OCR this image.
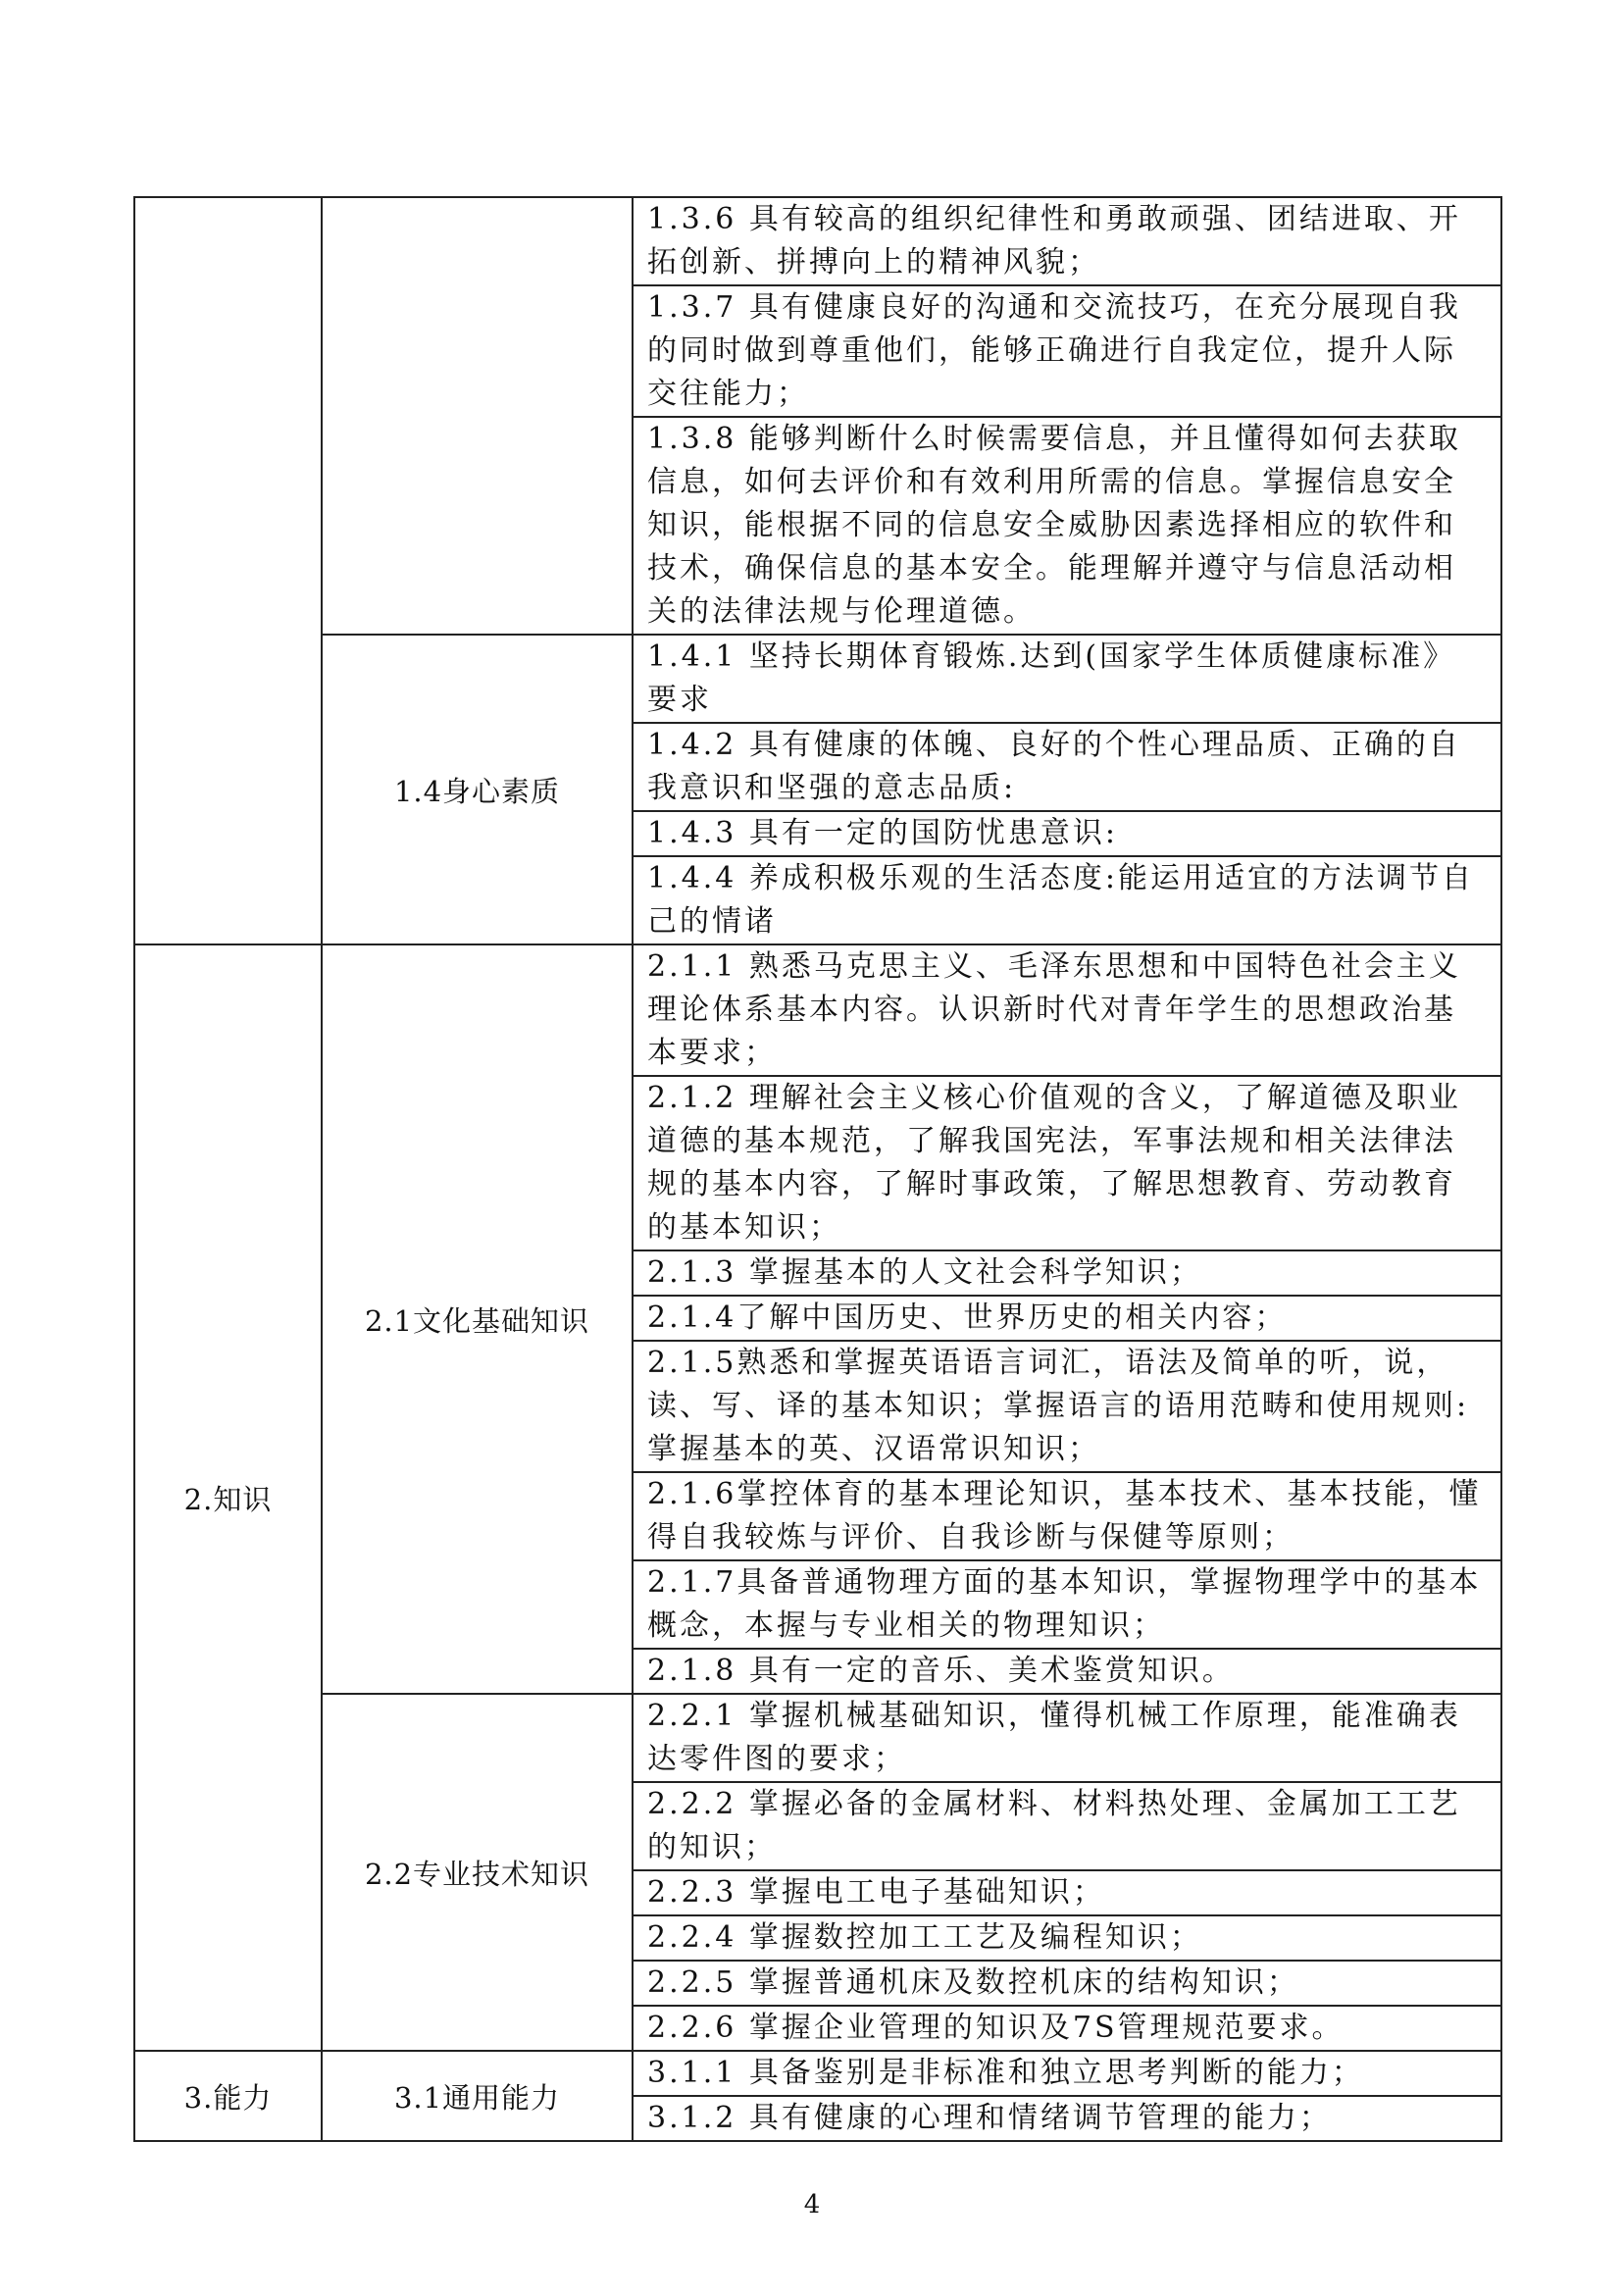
		1.3.6 具有较高的组织纪律性和勇敢顽强、团结进取、开拓创新、拼搏向上的精神风貌；
		1.3.7 具有健康良好的沟通和交流技巧，在充分展现自我的同时做到尊重他们，能够正确进行自我定位，提升人际交往能力；
		1.3.8 能够判断什么时候需要信息，并且懂得如何去获取信息，如何去评价和有效利用所需的信息。掌握信息安全知识，能根据不同的信息安全威胁因素选择相应的软件和技术，确保信息的基本安全。能理解并遵守与信息活动相关的法律法规与伦理道德。
	1.4身心素质	1.4.1 坚持长期体育锻炼.达到(国家学生体质健康标准》要求
		1.4.2 具有健康的体魄、良好的个性心理品质、正确的自我意识和坚强的意志品质:
		1.4.3 具有一定的国防忧患意识:
		1.4.4 养成积极乐观的生活态度:能运用适宜的方法调节自己的情诸
2.知识	2.1文化基础知识	2.1.1 熟悉马克思主义、毛泽东思想和中国特色社会主义理论体系基本内容。认识新时代对青年学生的思想政治基本要求；
		2.1.2 理解社会主义核心价值观的含义，了解道德及职业道德的基本规范，了解我国宪法，军事法规和相关法律法规的基本内容，了解时事政策，了解思想教育、劳动教育的基本知识；
		2.1.3 掌握基本的人文社会科学知识；
		2.1.4了解中国历史、世界历史的相关内容；
		2.1.5熟悉和掌握英语语言词汇，语法及简单的听，说，读、写、译的基本知识；掌握语言的语用范畴和使用规则:掌握基本的英、汉语常识知识；
		2.1.6掌控体育的基本理论知识，基本技术、基本技能，懂得自我较炼与评价、自我诊断与保健等原则；
		2.1.7具备普通物理方面的基本知识，掌握物理学中的基本概念，本握与专业相关的物理知识；
		2.1.8 具有一定的音乐、美术鉴赏知识。
	2.2专业技术知识	2.2.1 掌握机械基础知识，懂得机械工作原理，能准确表达零件图的要求；
		2.2.2 掌握必备的金属材料、材料热处理、金属加工工艺的知识；
		2.2.3 掌握电工电子基础知识；
		2.2.4 掌握数控加工工艺及编程知识；
		2.2.5 掌握普通机床及数控机床的结构知识；
		2.2.6 掌握企业管理的知识及7S管理规范要求。
3.能力	3.1通用能力	3.1.1 具备鉴别是非标准和独立思考判断的能力；
		3.1.2 具有健康的心理和情绪调节管理的能力；
4
